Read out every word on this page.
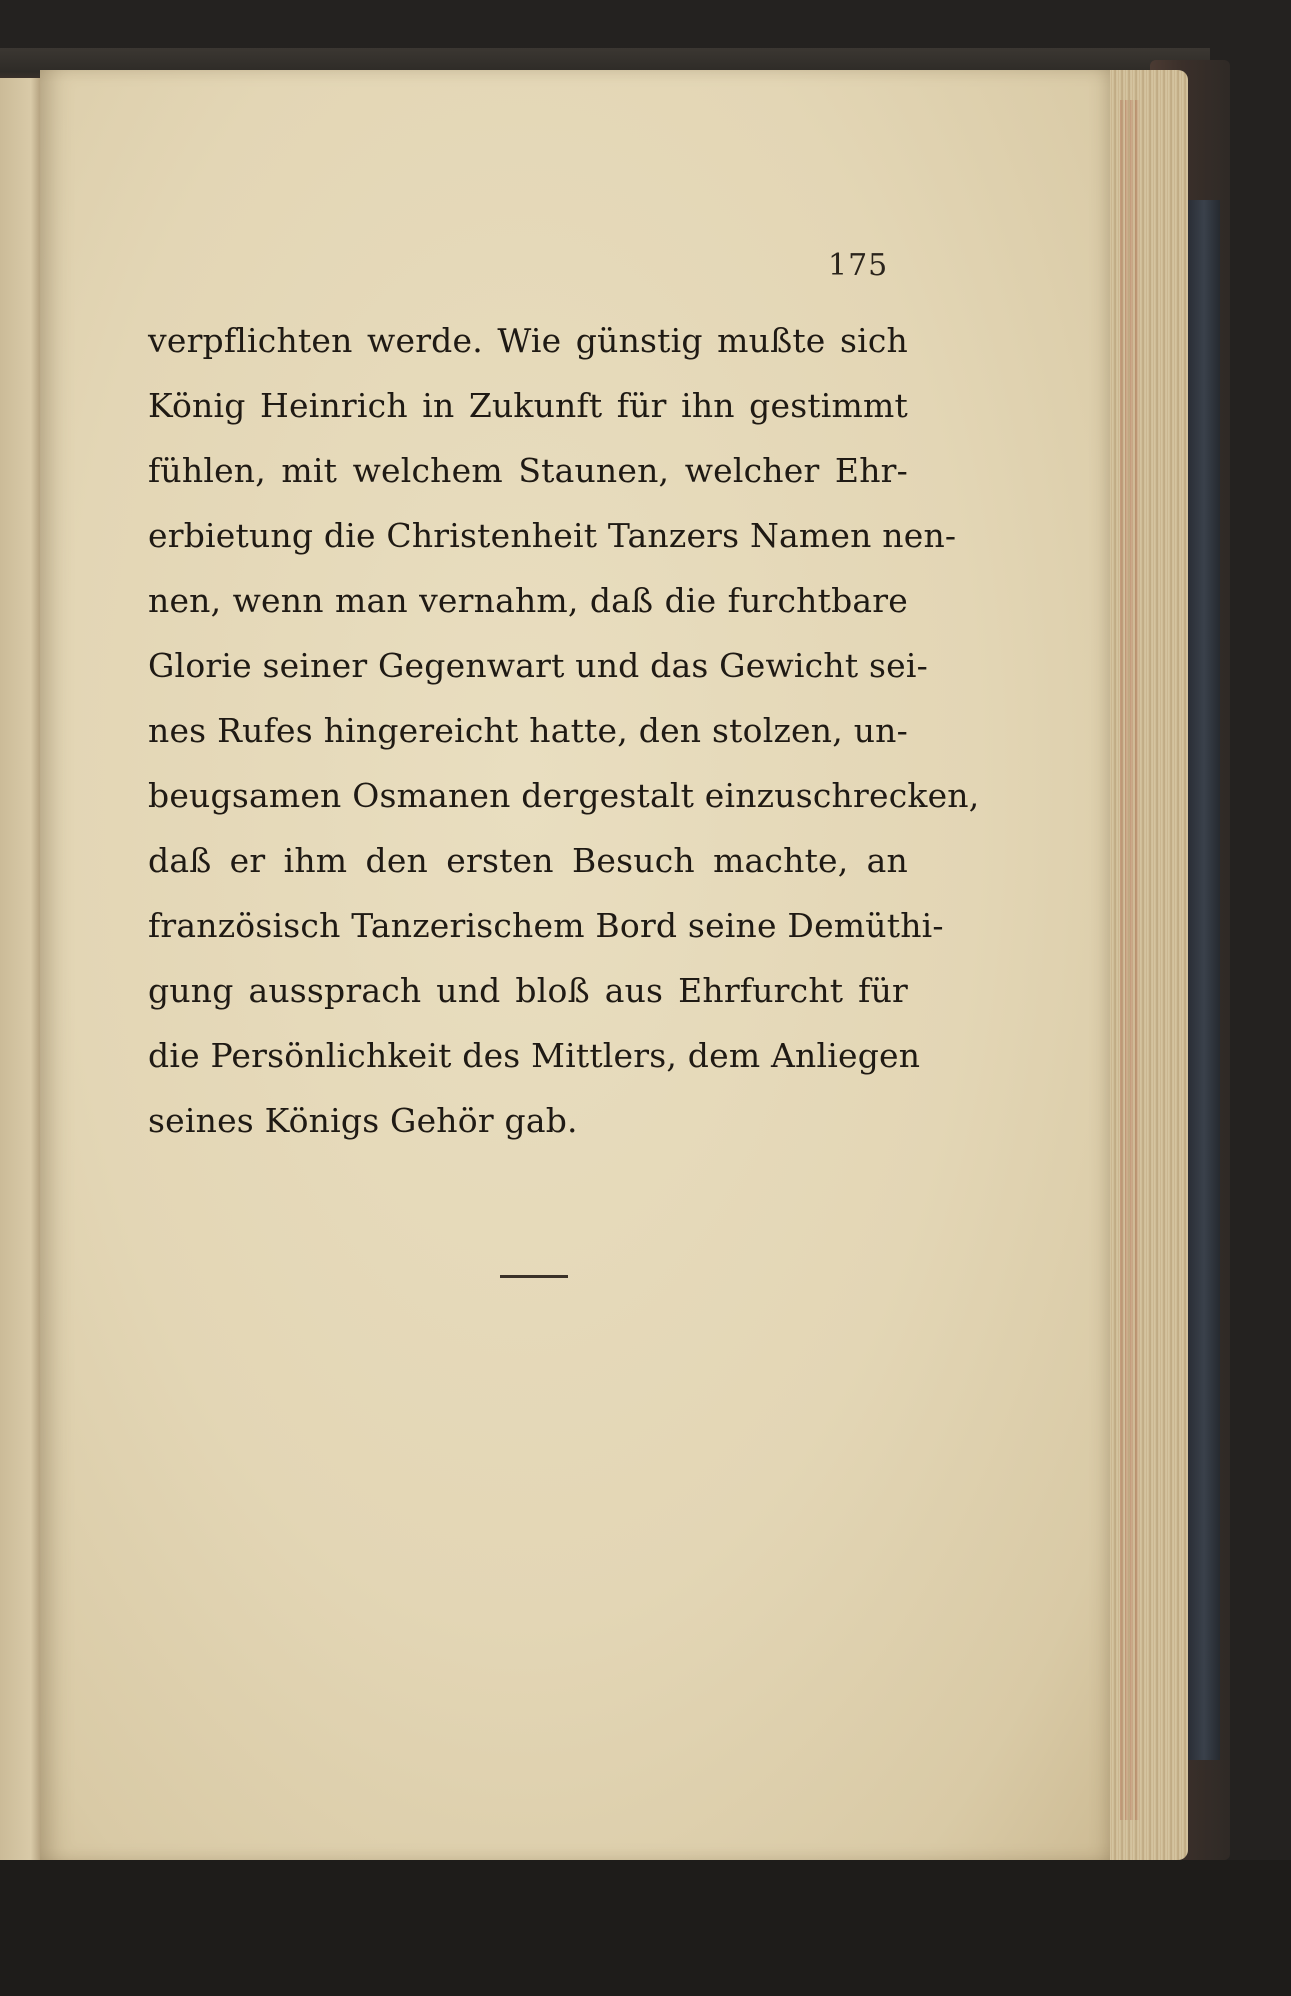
175
verpflichten werde. Wie günstig mußte sich
König Heinrich in Zukunft für ihn gestimmt
fühlen, mit welchem Staunen, welcher Ehr‐
erbietung die Christenheit Tanzers Namen nen‐
nen, wenn man vernahm, daß die furchtbare
Glorie seiner Gegenwart und das Gewicht sei‐
nes Rufes hingereicht hatte, den stolzen, un‐
beugsamen Osmanen dergestalt einzuschrecken,
daß er ihm den ersten Besuch machte, an
französisch Tanzerischem Bord seine Demüthi‐
gung aussprach und bloß aus Ehrfurcht für
die Persönlichkeit des Mittlers, dem Anliegen
seines Königs Gehör gab.
